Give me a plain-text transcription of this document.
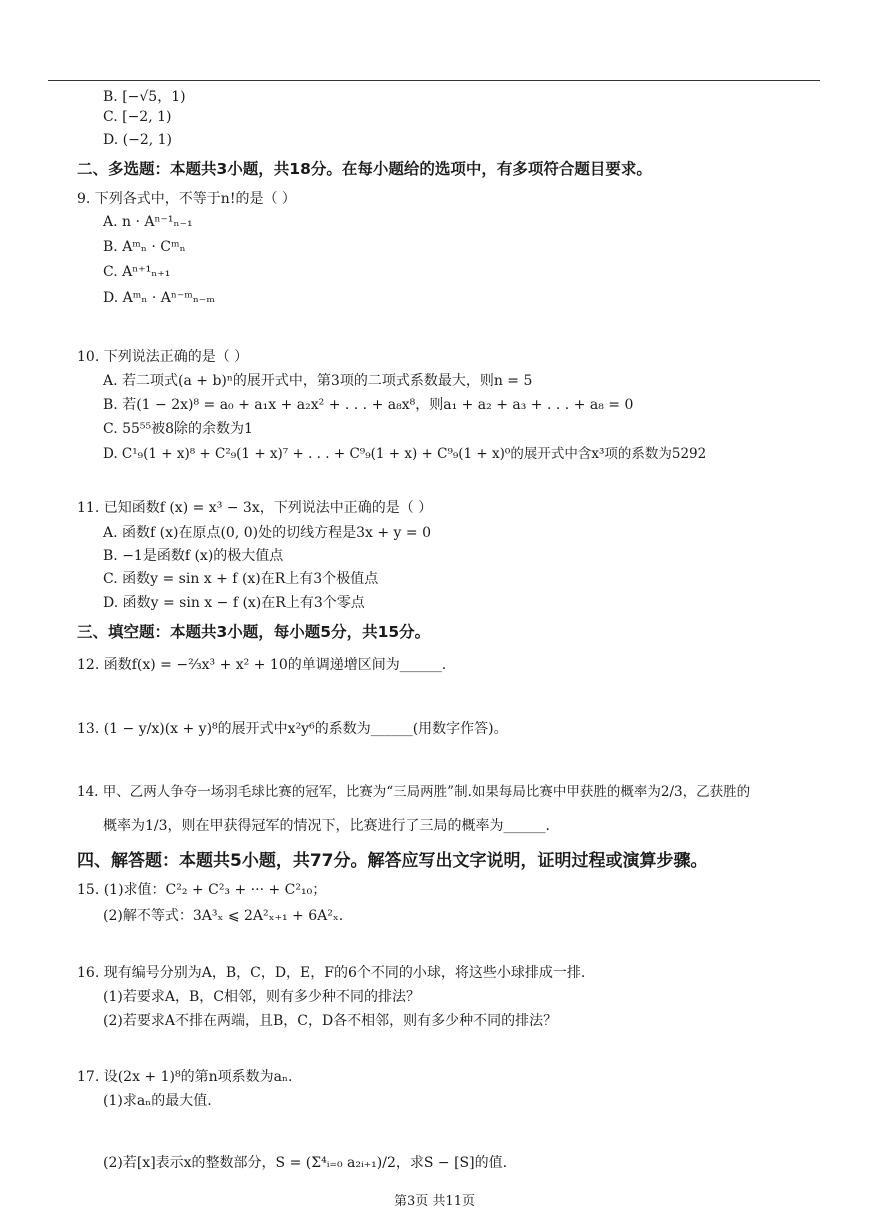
B. [−√5，1)
C. [−2, 1)
D. (−2, 1)
二、多选题：本题共3小题，共18分。在每小题给的选项中，有多项符合题目要求。
9. 下列各式中，不等于n!的是（ ）
A. n · Aⁿ⁻¹ₙ₋₁
B. Aᵐₙ · Cᵐₙ
C. Aⁿ⁺¹ₙ₊₁
D. Aᵐₙ · Aⁿ⁻ᵐₙ₋ₘ
10. 下列说法正确的是（ ）
A. 若二项式(a + b)ⁿ的展开式中，第3项的二项式系数最大，则n = 5
B. 若(1 − 2x)⁸ = a₀ + a₁x + a₂x² + . . . + a₈x⁸，则a₁ + a₂ + a₃ + . . . + a₈ = 0
C. 55⁵⁵被8除的余数为1
D. C¹₉(1 + x)⁸ + C²₉(1 + x)⁷ + . . . + C⁹₉(1 + x) + C⁹₉(1 + x)⁰的展开式中含x³项的系数为5292
11. 已知函数f (x) = x³ − 3x，下列说法中正确的是（ ）
A. 函数f (x)在原点(0, 0)处的切线方程是3x + y = 0
B. −1是函数f (x)的极大值点
C. 函数y = sin x + f (x)在R上有3个极值点
D. 函数y = sin x − f (x)在R上有3个零点
三、填空题：本题共3小题，每小题5分，共15分。
12. 函数f(x) = −⅔x³ + x² + 10的单调递增区间为______.
13. (1 − y/x)(x + y)⁸的展开式中x²y⁶的系数为______(用数字作答)。
14. 甲、乙两人争夺一场羽毛球比赛的冠军，比赛为“三局两胜”制.如果每局比赛中甲获胜的概率为2/3，乙获胜的
概率为1/3，则在甲获得冠军的情况下，比赛进行了三局的概率为______.
四、解答题：本题共5小题，共77分。解答应写出文字说明，证明过程或演算步骤。
15. (1)求值：C²₂ + C²₃ + ··· + C²₁₀；
(2)解不等式：3A³ₓ ⩽ 2A²ₓ₊₁ + 6A²ₓ.
16. 现有编号分别为A，B，C，D，E，F的6个不同的小球，将这些小球排成一排.
(1)若要求A，B，C相邻，则有多少种不同的排法？
(2)若要求A不排在两端，且B，C，D各不相邻，则有多少种不同的排法？
17. 设(2x + 1)⁸的第n项系数为aₙ.
(1)求aₙ的最大值.
(2)若[x]表示x的整数部分，S = (Σ⁴ᵢ₌₀ a₂ᵢ₊₁)/2，求S − [S]的值.
第3页 共11页
